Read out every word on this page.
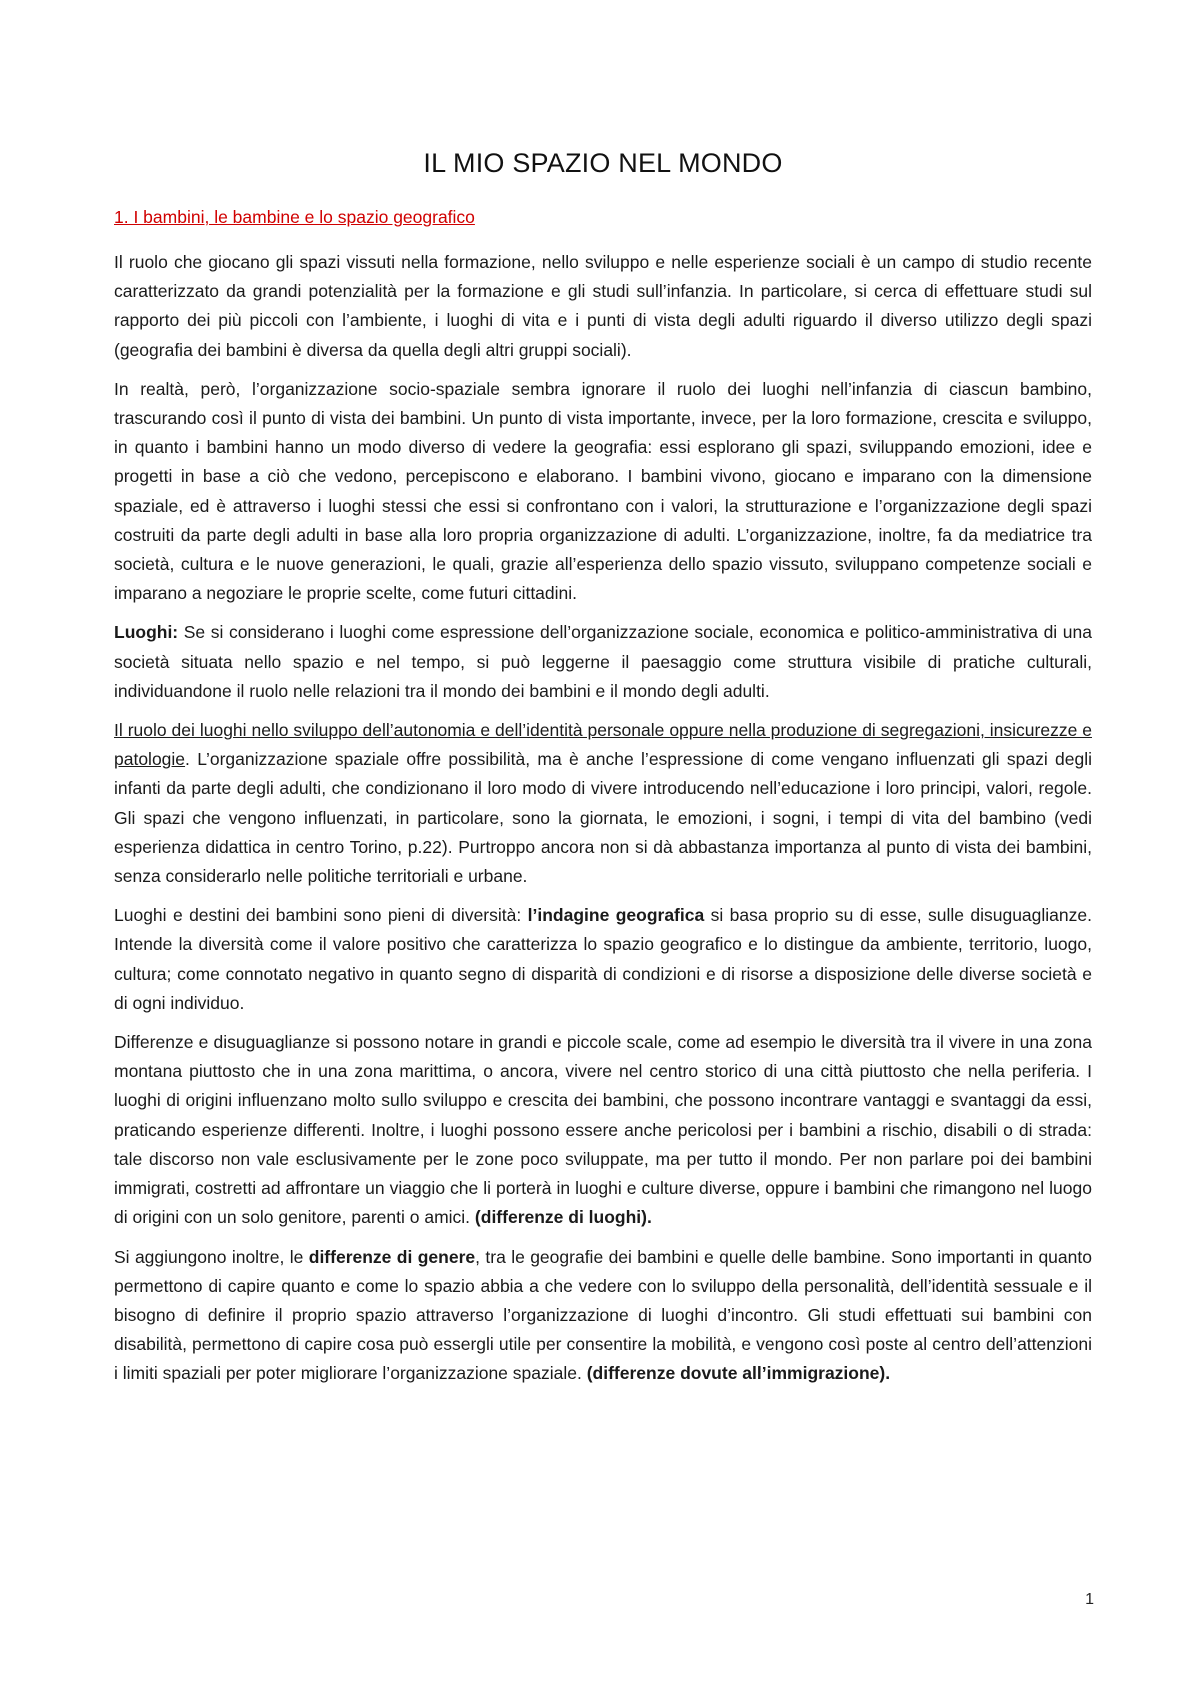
IL MIO SPAZIO NEL MONDO
1. I bambini, le bambine e lo spazio geografico

Il ruolo che giocano gli spazi vissuti nella formazione, nello sviluppo e nelle esperienze sociali è un campo di studio recente caratterizzato da grandi potenzialità per la formazione e gli studi sull’infanzia. In particolare, si cerca di effettuare studi sul rapporto dei più piccoli con l’ambiente, i luoghi di vita e i punti di vista degli adulti riguardo il diverso utilizzo degli spazi (geografia dei bambini è diversa da quella degli altri gruppi sociali).

In realtà, però, l’organizzazione socio-spaziale sembra ignorare il ruolo dei luoghi nell’infanzia di ciascun bambino, trascurando così il punto di vista dei bambini. Un punto di vista importante, invece, per la loro formazione, crescita e sviluppo, in quanto i bambini hanno un modo diverso di vedere la geografia: essi esplorano gli spazi, sviluppando emozioni, idee e progetti in base a ciò che vedono, percepiscono e elaborano. I bambini vivono, giocano e imparano con la dimensione spaziale, ed è attraverso i luoghi stessi che essi si confrontano con i valori, la strutturazione e l’organizzazione degli spazi costruiti da parte degli adulti in base alla loro propria organizzazione di adulti. L’organizzazione, inoltre, fa da mediatrice tra società, cultura e le nuove generazioni, le quali, grazie all’esperienza dello spazio vissuto, sviluppano competenze sociali e imparano a negoziare le proprie scelte, come futuri cittadini.

Luoghi: Se si considerano i luoghi come espressione dell’organizzazione sociale, economica e politico-amministrativa di una società situata nello spazio e nel tempo, si può leggerne il paesaggio come struttura visibile di pratiche culturali, individuandone il ruolo nelle relazioni tra il mondo dei bambini e il mondo degli adulti.

Il ruolo dei luoghi nello sviluppo dell’autonomia e dell’identità personale oppure nella produzione di segregazioni, insicurezze e patologie. L’organizzazione spaziale offre possibilità, ma è anche l’espressione di come vengano influenzati gli spazi degli infanti da parte degli adulti, che condizionano il loro modo di vivere introducendo nell’educazione i loro principi, valori, regole. Gli spazi che vengono influenzati, in particolare, sono la giornata, le emozioni, i sogni, i tempi di vita del bambino (vedi esperienza didattica in centro Torino, p.22). Purtroppo ancora non si dà abbastanza importanza al punto di vista dei bambini, senza considerarlo nelle politiche territoriali e urbane.

Luoghi e destini dei bambini sono pieni di diversità: l’indagine geografica si basa proprio su di esse, sulle disuguaglianze. Intende la diversità come il valore positivo che caratterizza lo spazio geografico e lo distingue da ambiente, territorio, luogo, cultura; come connotato negativo in quanto segno di disparità di condizioni e di risorse a disposizione delle diverse società e di ogni individuo.

Differenze e disuguaglianze si possono notare in grandi e piccole scale, come ad esempio le diversità tra il vivere in una zona montana piuttosto che in una zona marittima, o ancora, vivere nel centro storico di una città piuttosto che nella periferia. I luoghi di origini influenzano molto sullo sviluppo e crescita dei bambini, che possono incontrare vantaggi e svantaggi da essi, praticando esperienze differenti. Inoltre, i luoghi possono essere anche pericolosi per i bambini a rischio, disabili o di strada: tale discorso non vale esclusivamente per le zone poco sviluppate, ma per tutto il mondo. Per non parlare poi dei bambini immigrati, costretti ad affrontare un viaggio che li porterà in luoghi e culture diverse, oppure i bambini che rimangono nel luogo di origini con un solo genitore, parenti o amici. (differenze di luoghi).

Si aggiungono inoltre, le differenze di genere, tra le geografie dei bambini e quelle delle bambine. Sono importanti in quanto permettono di capire quanto e come lo spazio abbia a che vedere con lo sviluppo della personalità, dell’identità sessuale e il bisogno di definire il proprio spazio attraverso l’organizzazione di luoghi d’incontro. Gli studi effettuati sui bambini con disabilità, permettono di capire cosa può essergli utile per consentire la mobilità, e vengono così poste al centro dell’attenzioni i limiti spaziali per poter migliorare l’organizzazione spaziale. (differenze dovute all’immigrazione).

1
